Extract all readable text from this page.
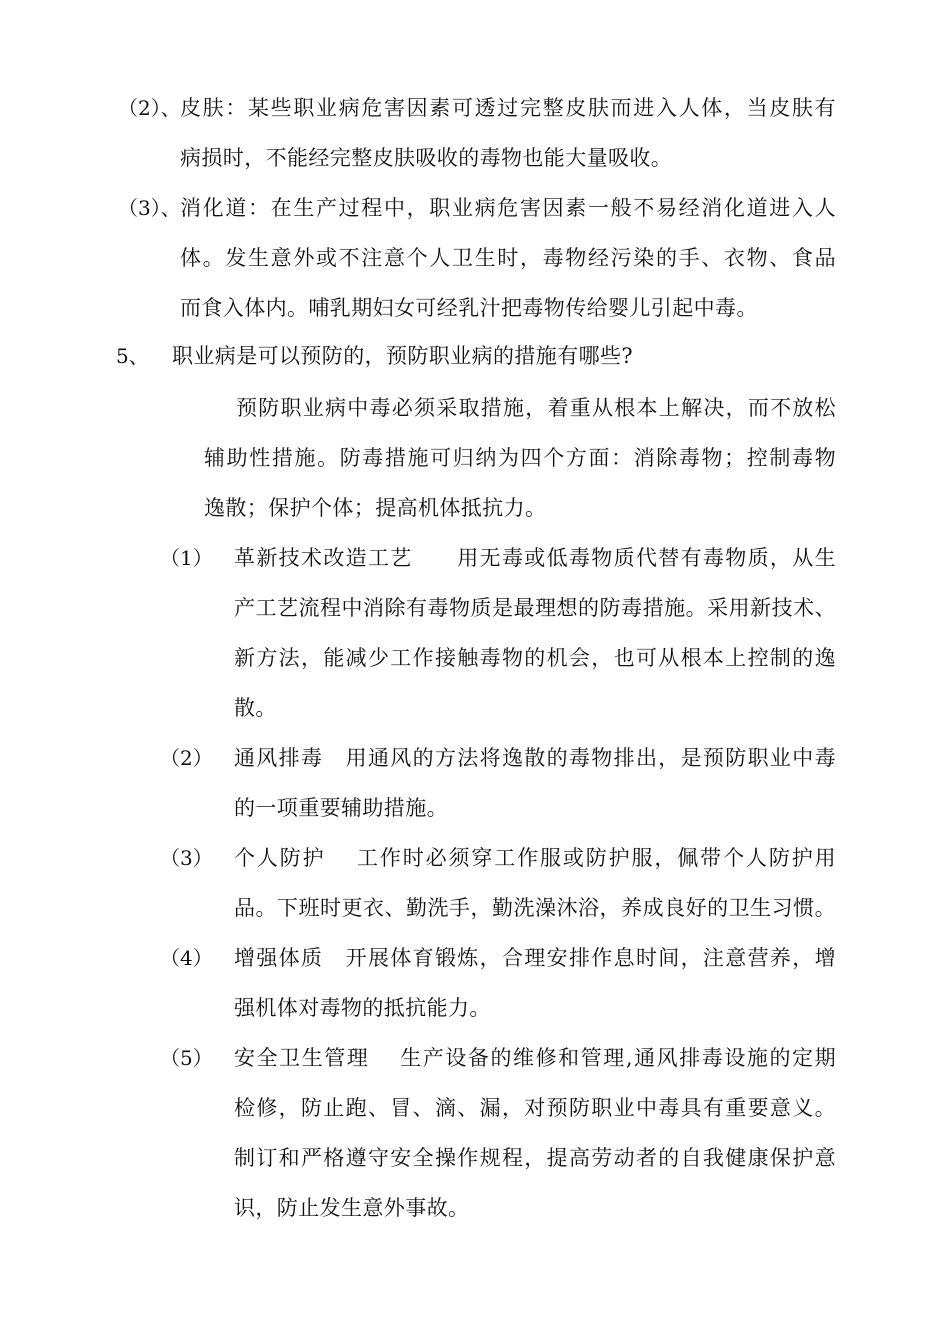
（2）、 皮肤：某些职业病危害因素可透过完整皮肤而进入人体，当皮肤有
病损时，不能经完整皮肤吸收的毒物也能大量吸收。
（3）、 消化道：在生产过程中，职业病危害因素一般不易经消化道进入人
体。发生意外或不注意个人卫生时，毒物经污染的手、衣物、食品
而食入体内。哺乳期妇女可经乳汁把毒物传给婴儿引起中毒。
5、 职业病是可以预防的，预防职业病的措施有哪些?
预防职业病中毒必须采取措施，着重从根本上解决，而不放松
辅助性措施。防毒措施可归纳为四个方面：消除毒物；控制毒物
逸散；保护个体；提高机体抵抗力。
（1） 革新技术改造工艺　　用无毒或低毒物质代替有毒物质，从生
产工艺流程中消除有毒物质是最理想的防毒措施。采用新技术、
新方法，能减少工作接触毒物的机会，也可从根本上控制的逸
散。
（2） 通风排毒　用通风的方法将逸散的毒物排出，是预防职业中毒
的一项重要辅助措施。
（3） 个人防护　 工作时必须穿工作服或防护服，佩带个人防护用
品。下班时更衣、勤洗手，勤洗澡沐浴，养成良好的卫生习惯。
（4） 增强体质　开展体育锻炼，合理安排作息时间，注意营养，增
强机体对毒物的抵抗能力。
（5） 安全卫生管理　 生产设备的维修和管理,通风排毒设施的定期
检修，防止跑、冒、滴、漏，对预防职业中毒具有重要意义。
制订和严格遵守安全操作规程，提高劳动者的自我健康保护意
识，防止发生意外事故。
